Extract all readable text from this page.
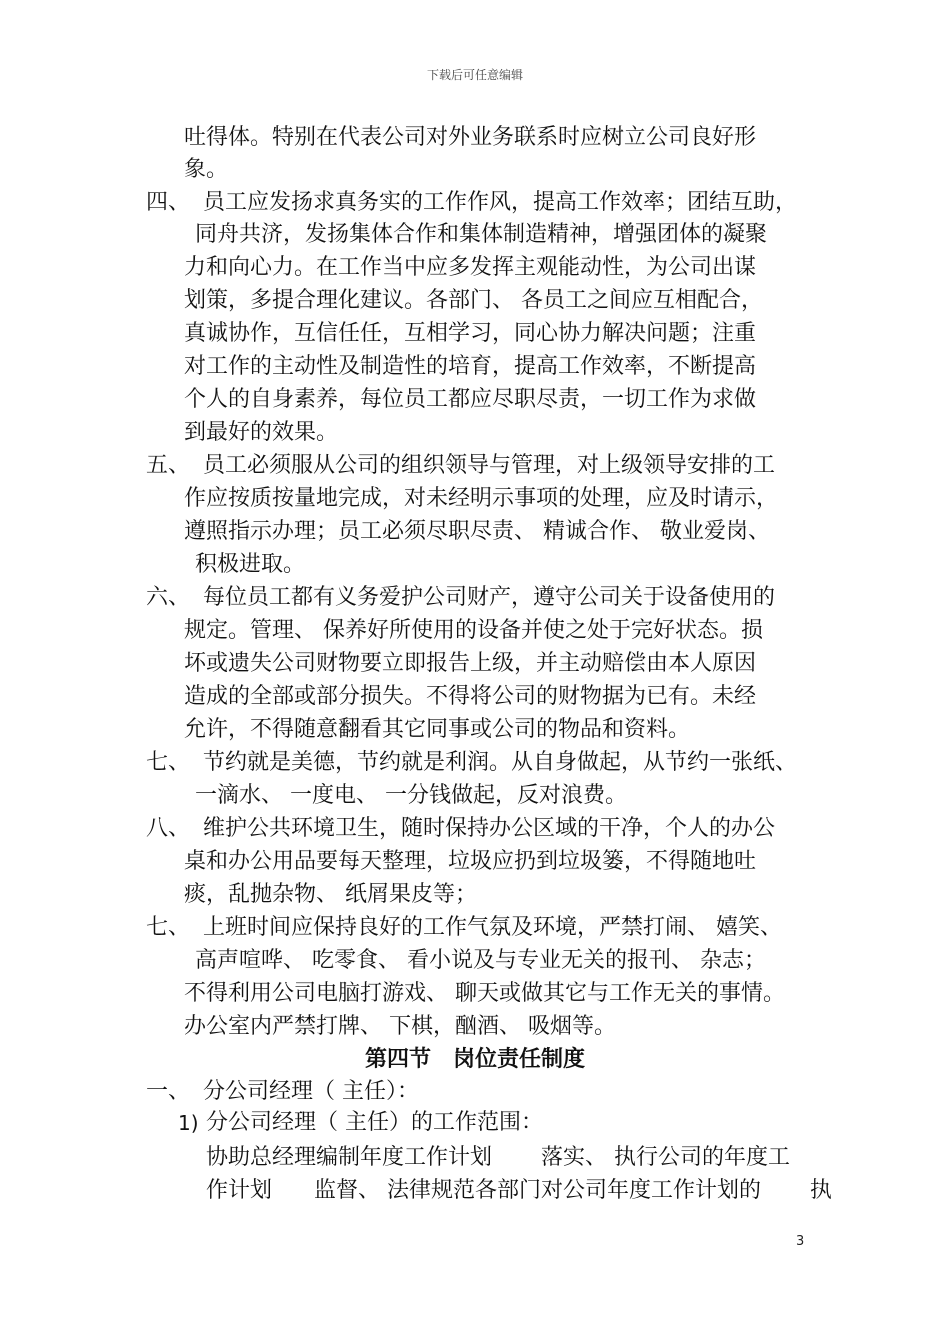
下载后可任意编辑
吐得体。特别在代表公司对外业务联系时应树立公司良好形
象。
四、 员工应发扬求真务实的工作作风，提高工作效率；团结互助，
同舟共济，发扬集体合作和集体制造精神，增强团体的凝聚
力和向心力。在工作当中应多发挥主观能动性，为公司出谋
划策，多提合理化建议。各部门、 各员工之间应互相配合，
真诚协作，互信任任，互相学习，同心协力解决问题；注重
对工作的主动性及制造性的培育，提高工作效率，不断提高
个人的自身素养，每位员工都应尽职尽责，一切工作为求做
到最好的效果。
五、 员工必须服从公司的组织领导与管理，对上级领导安排的工
作应按质按量地完成，对未经明示事项的处理，应及时请示，
遵照指示办理；员工必须尽职尽责、 精诚合作、 敬业爱岗、
积极进取。
六、 每位员工都有义务爱护公司财产，遵守公司关于设备使用的
规定。管理、 保养好所使用的设备并使之处于完好状态。损
坏或遗失公司财物要立即报告上级，并主动赔偿由本人原因
造成的全部或部分损失。不得将公司的财物据为已有。未经
允许，不得随意翻看其它同事或公司的物品和资料。
七、 节约就是美德，节约就是利润。从自身做起，从节约一张纸、
一滴水、 一度电、 一分钱做起，反对浪费。
八、 维护公共环境卫生，随时保持办公区域的干净，个人的办公
桌和办公用品要每天整理，垃圾应扔到垃圾篓，不得随地吐
痰，乱抛杂物、 纸屑果皮等；
七、 上班时间应保持良好的工作气氛及环境，严禁打闹、 嬉笑、
高声喧哗、 吃零食、 看小说及与专业无关的报刊、 杂志；
不得利用公司电脑打游戏、 聊天或做其它与工作无关的事情。
办公室内严禁打牌、 下棋，酗酒、 吸烟等。
第四节　岗位责任制度
一、 分公司经理（ 主任）：
1) 分公司经理（ 主任）的工作范围：
协助总经理编制年度工作计划       落实、 执行公司的年度工
作计划      监督、 法律规范各部门对公司年度工作计划的       执
3
